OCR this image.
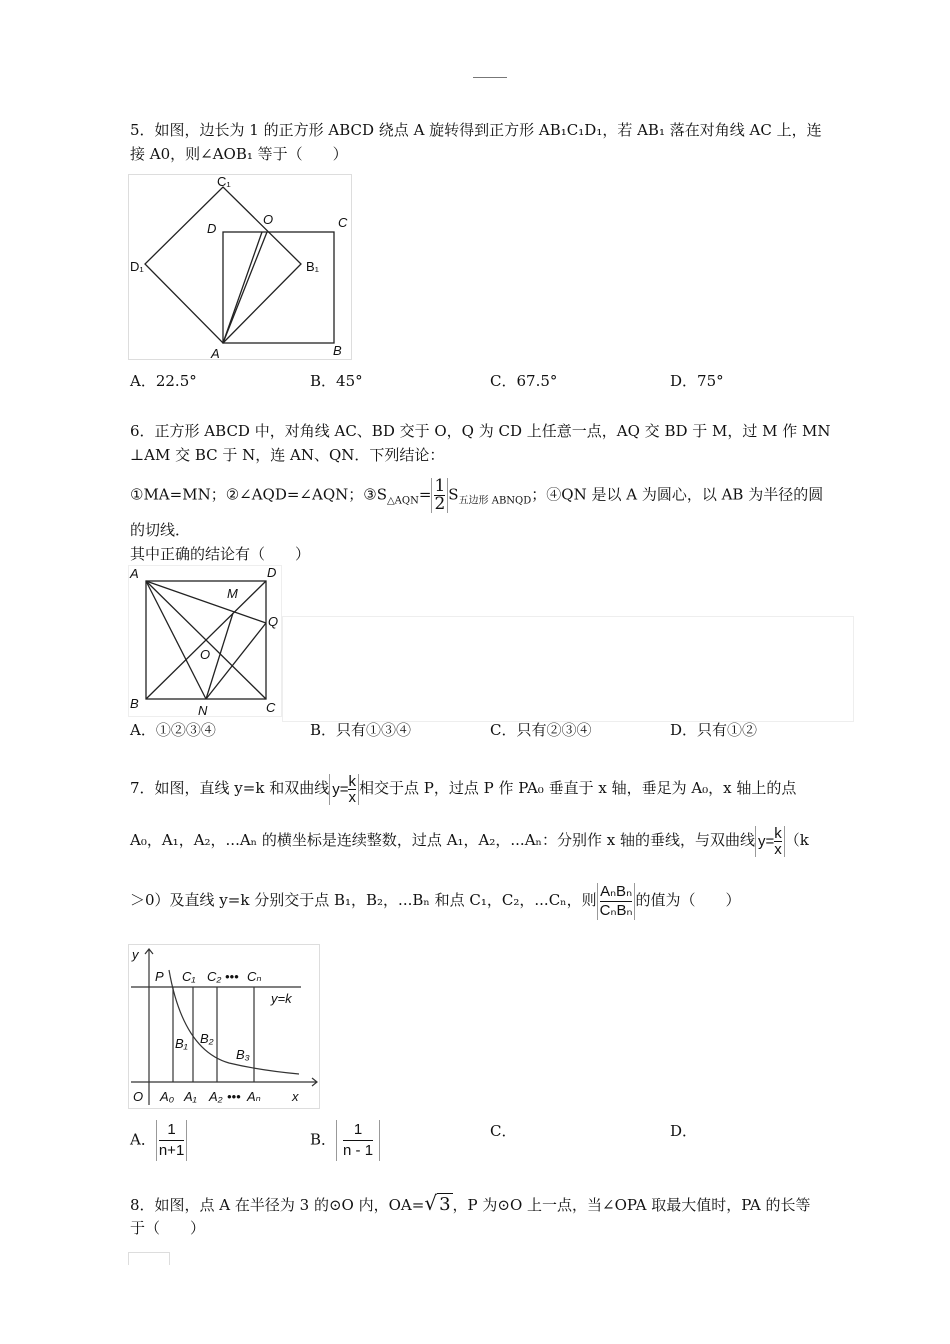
5．如图，边长为 1 的正方形 ABCD 绕点 A 旋转得到正方形 AB₁C₁D₁，若 AB₁ 落在对角线 AC 上，连
接 A0，则∠AOB₁ 等于（　　）
C₁
D
O	C
D₁	B₁
A	B
A．22.5°	B．45°	C．67.5°	D．75°
6．正方形 ABCD 中，对角线 AC、BD 交于 O，Q 为 CD 上任意一点，AQ 交 BD 于 M，过 M 作 MN
⊥AM 交 BC 于 N，连 AN、QN．下列结论：
①MA=MN；②∠AQD=∠AQN；$③S_{\triangle AQN}= \frac{1}{2} S_{五边形 ABNQD}$；④QN 是以 A 为圆心，以 AB 为半径的圆
的切线．
其中正确的结论有（　　）
A	D
M
Q
O
B	N	C
A．①②③④	B．只有①③④	C．只有②③④	D．只有①②
7．如图，直线 y=k 和双曲线 $y= \frac{k}{x}$ 相交于点 P，过点 P 作 PA₀ 垂直于 x 轴，垂足为 A₀，x 轴上的点
A₀，A₁，A₂，...Aₙ 的横坐标是连续整数，过点 A₁，A₂，...Aₙ：分别作 x 轴的垂线，与双曲线 $y= \frac{k}{x} (k$
＞0）及直线 y=k 分别交于点 B₁，B₂，...Bₙ 和点 C₁，C₂，...Cₙ，则 $\frac{\text{AₙBₙ}}{\text{CₙBₙ}}$ 的值为（　　）
y
P C₁ C₂ ••• Cₙ
y=k
B₁ B₂
B₃
O A₀ A₁ A₂ ••• Aₙ x
A． $\frac{1}{n+1}$	B． $\frac{1}{n - 1}$	C．	D．
8．如图，点 A 在半径为 3 的⊙O 内，OA=√ 3 ，P 为⊙O 上一点，当∠OPA 取最大值时，PA 的长等
于（　　）
